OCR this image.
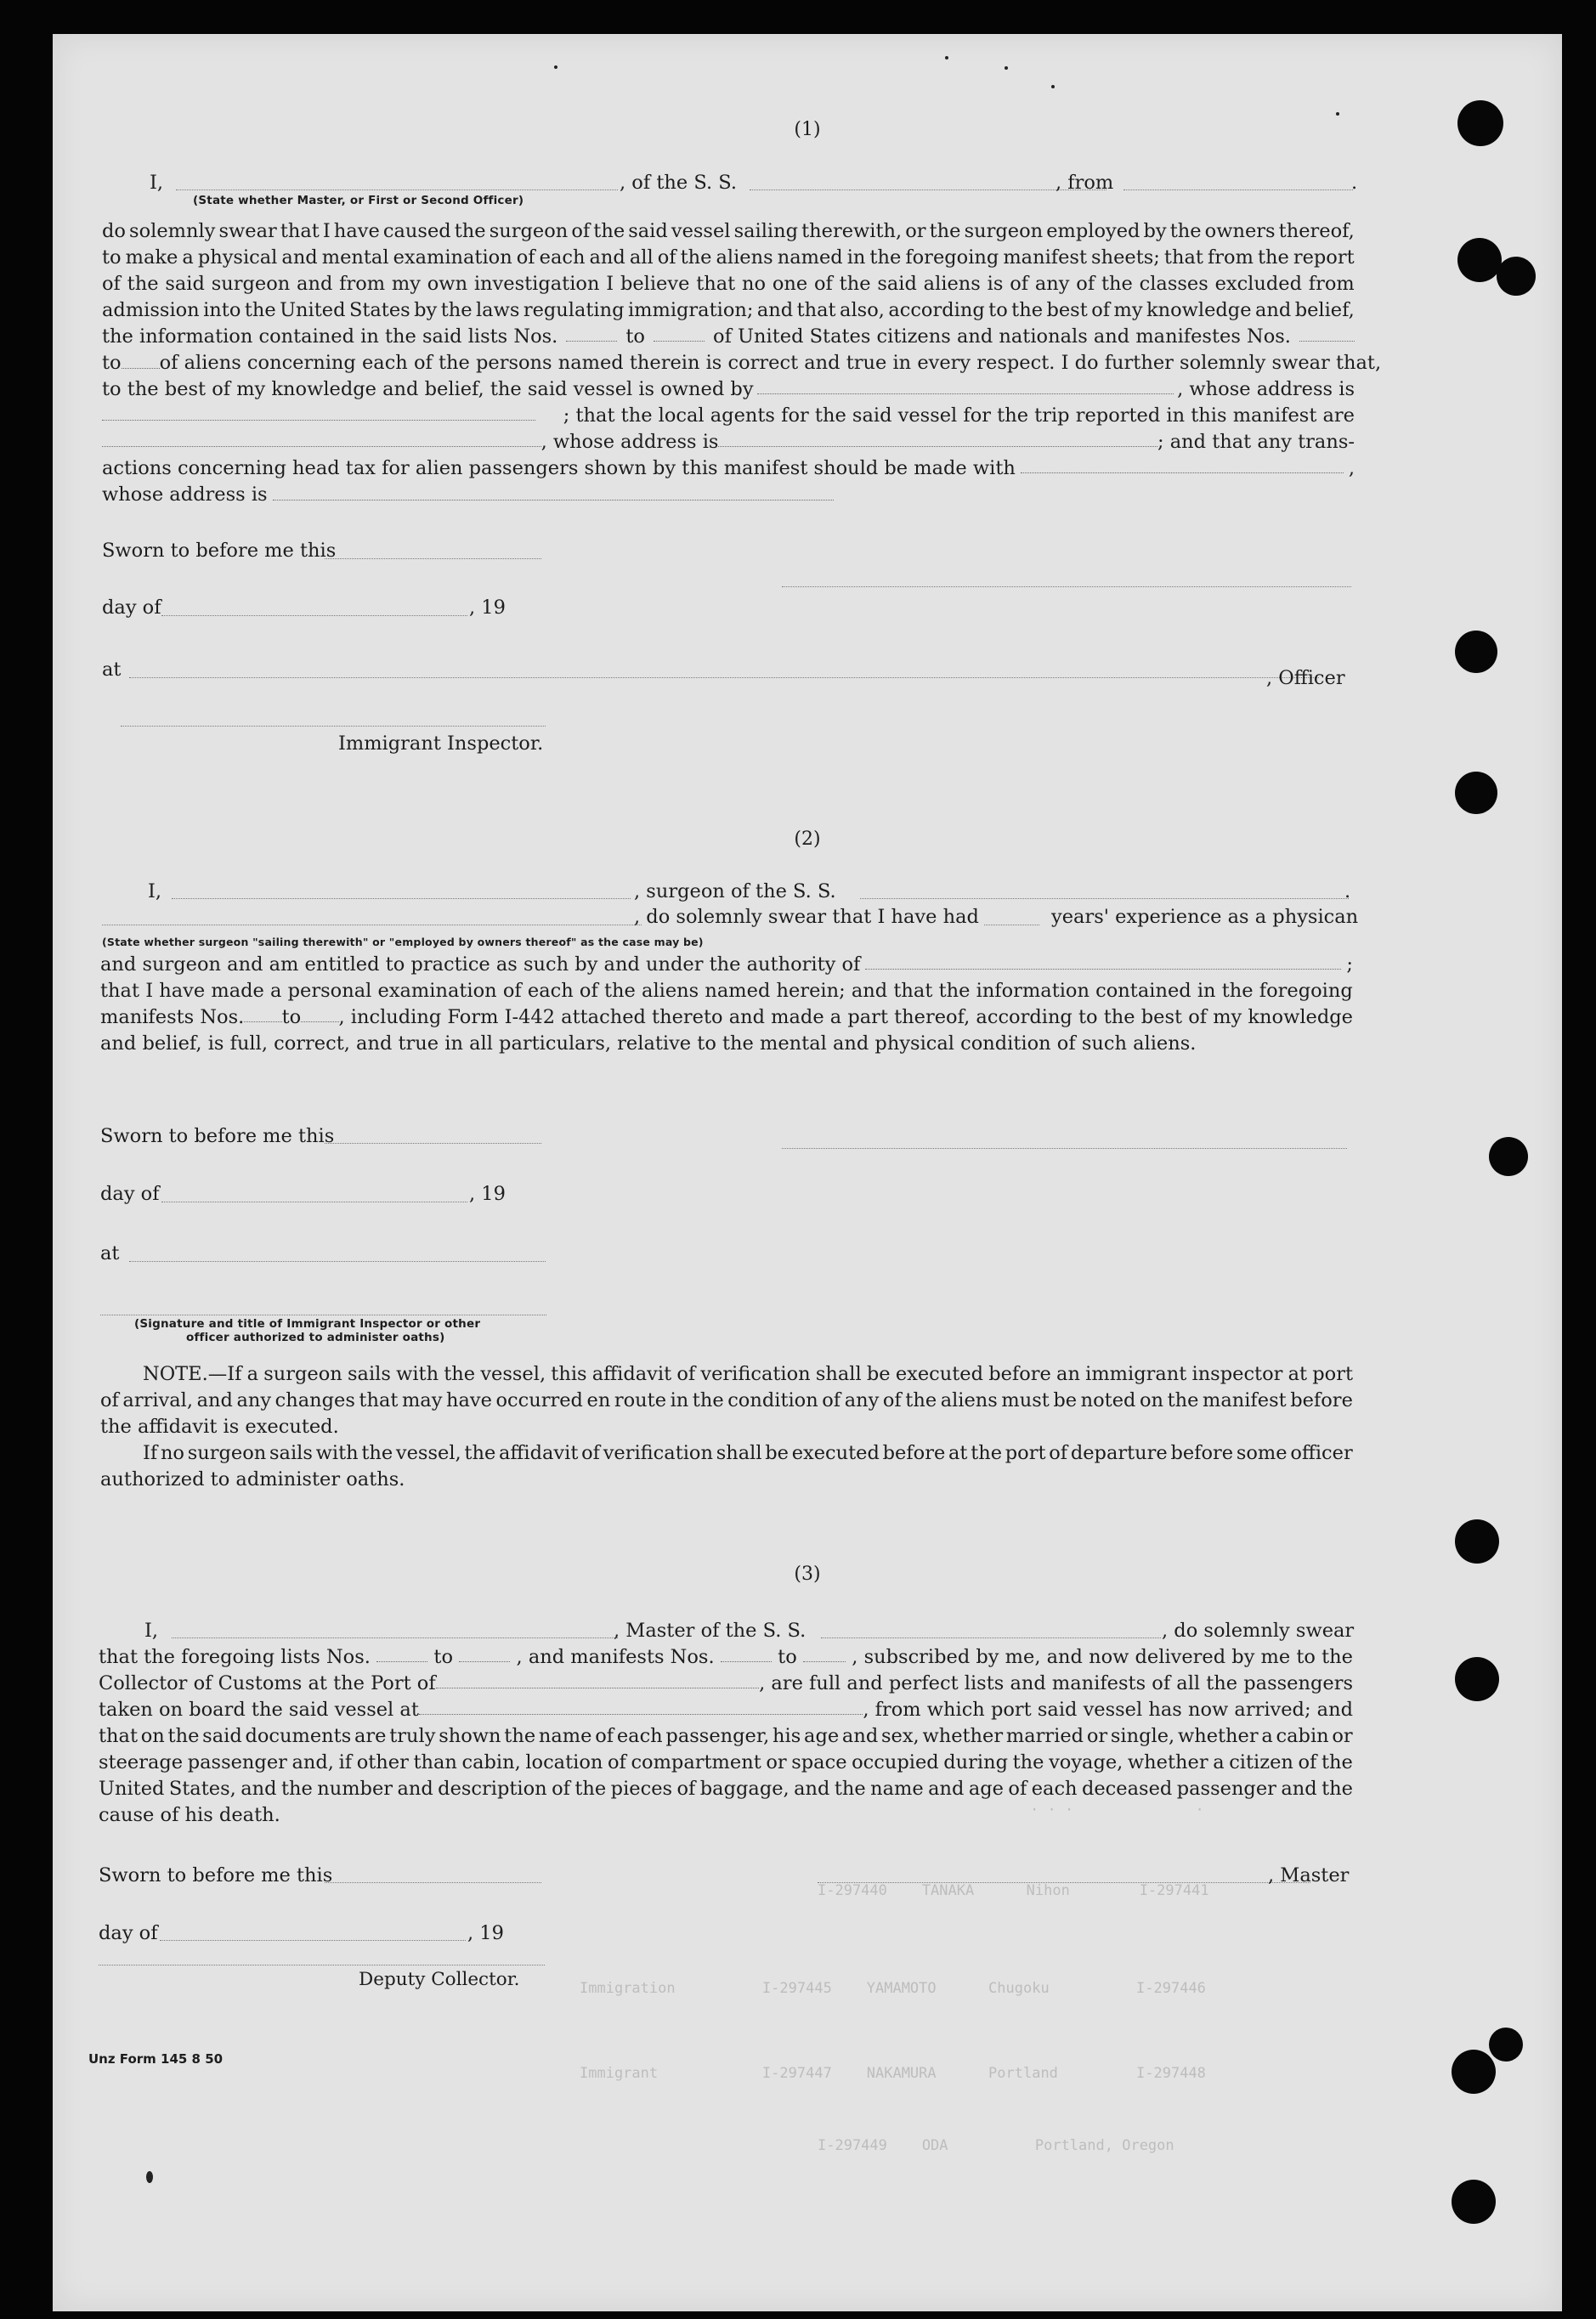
· · ·              ·
I-297440    TANAKA      Nihon        I-297441
Immigration          I-297445    YAMAMOTO      Chugoku          I-297446
Immigrant            I-297447    NAKAMURA      Portland         I-297448
I-297449    ODA          Portland, Oregon
(1)
I,
(State whether Master, or First or Second Officer)
, of the S. S.	, from	.

do solemnly swear that I have caused the surgeon of the said vessel sailing therewith, or the surgeon employed by the owners thereof,

to make a physical and mental examination of each and all of the aliens named in the foregoing manifest sheets; that from the report

of the said surgeon and from my own investigation I believe that no one of the said aliens is of any of the classes excluded from

admission into the United States by the laws regulating immigration; and that also, according to the best of my knowledge and belief,

the information contained in the said lists Nos.	to	of United States citizens and nationals and manifestes Nos.

to of aliens concerning each of the persons named therein is correct and true in every respect. I do further solemnly swear that,

to the best of my knowledge and belief, the said vessel is owned by	, whose address is

; that the local agents for the said vessel for the trip reported in this manifest are

, whose address is	; and that any trans-

actions concerning head tax for alien passengers shown by this manifest should be made with	,

whose address is

Sworn to before me this
day of	, 19
at	, Officer
Immigrant Inspector.
(2)
I,	, surgeon of the S. S.	.
, do solemnly swear that I have had	years' experience as a physican
(State whether surgeon "sailing therewith" or "employed by owners thereof" as the case may be)

and surgeon and am entitled to practice as such by and under the authority of	;

that I have made a personal examination of each of the aliens named herein; and that the information contained in the foregoing

manifests Nos. to , including Form I-442 attached thereto and made a part thereof, according to the best of my knowledge

and belief, is full, correct, and true in all particulars, relative to the mental and physical condition of such aliens.

Sworn to before me this
day of	, 19
at
(Signature and title of Immigrant Inspector or other
officer authorized to administer oaths)

NOTE.—If a surgeon sails with the vessel, this affidavit of verification shall be executed before an immigrant inspector at port

of arrival, and any changes that may have occurred en route in the condition of any of the aliens must be noted on the manifest before

the affidavit is executed.

If no surgeon sails with the vessel, the affidavit of verification shall be executed before at the port of departure before some officer

authorized to administer oaths.

(3)
I,	, Master of the S. S.	, do solemnly swear

that the foregoing lists Nos.	to	, and manifests Nos.	to	, subscribed by me, and now delivered by me to the

Collector of Customs at the Port of	, are full and perfect lists and manifests of all the passengers

taken on board the said vessel at	, from which port said vessel has now arrived; and

that on the said documents are truly shown the name of each passenger, his age and sex, whether married or single, whether a cabin or

steerage passenger and, if other than cabin, location of compartment or space occupied during the voyage, whether a citizen of the

United States, and the number and description of the pieces of baggage, and the name and age of each deceased passenger and the

cause of his death.

Sworn to before me this	, Master
day of	, 19
Deputy Collector.
Unz Form 145 8 50
